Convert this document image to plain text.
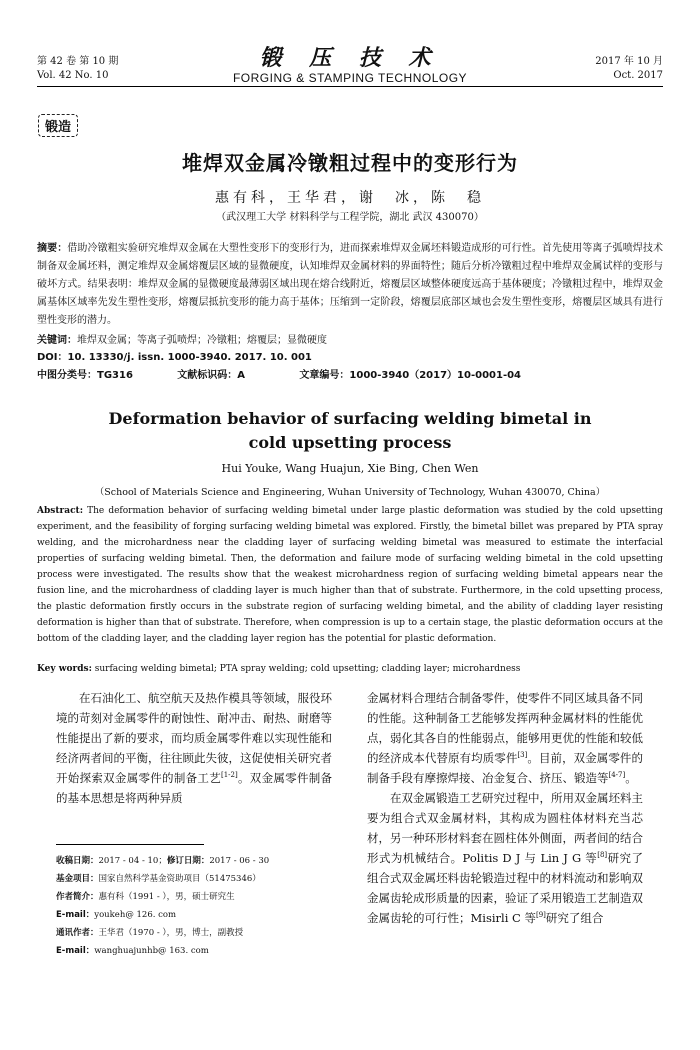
第 42 卷 第 10 期
Vol. 42 No. 10
锻 压 技 术
FORGING & STAMPING TECHNOLOGY
2017 年 10 月
Oct. 2017
锻造
堆焊双金属冷镦粗过程中的变形行为
惠有科，王华君，谢　冰，陈　稳
（武汉理工大学 材料科学与工程学院，湖北 武汉 430070）
摘要：借助冷镦粗实验研究堆焊双金属在大塑性变形下的变形行为，进而探索堆焊双金属坯料锻造成形的可行性。首先使用等离子弧喷焊技术制备双金属坯料，测定堆焊双金属熔覆层区域的显微硬度，认知堆焊双金属材料的界面特性；随后分析冷镦粗过程中堆焊双金属试样的变形与破坏方式。结果表明：堆焊双金属的显微硬度最薄弱区域出现在熔合线附近，熔覆层区域整体硬度远高于基体硬度；冷镦粗过程中，堆焊双金属基体区域率先发生塑性变形，熔覆层抵抗变形的能力高于基体；压缩到一定阶段，熔覆层底部区域也会发生塑性变形，熔覆层区域具有进行塑性变形的潜力。
关键词：堆焊双金属；等离子弧喷焊；冷镦粗；熔覆层；显微硬度
DOI：10. 13330/j. issn. 1000-3940. 2017. 10. 001
中图分类号：TG316	文献标识码：A	文章编号：1000-3940（2017）10-0001-04
Deformation behavior of surfacing welding bimetal in
cold upsetting process
Hui Youke, Wang Huajun, Xie Bing, Chen Wen
（School of Materials Science and Engineering, Wuhan University of Technology, Wuhan 430070, China）
Abstract: The deformation behavior of surfacing welding bimetal under large plastic deformation was studied by the cold upsetting experiment, and the feasibility of forging surfacing welding bimetal was explored. Firstly, the bimetal billet was prepared by PTA spray welding, and the microhardness near the cladding layer of surfacing welding bimetal was measured to estimate the interfacial properties of surfacing welding bimetal. Then, the deformation and failure mode of surfacing welding bimetal in the cold upsetting process were investigated. The results show that the weakest microhardness region of surfacing welding bimetal appears near the fusion line, and the microhardness of cladding layer is much higher than that of substrate. Furthermore, in the cold upsetting process, the plastic deformation firstly occurs in the substrate region of surfacing welding bimetal, and the ability of cladding layer resisting deformation is higher than that of substrate. Therefore, when compression is up to a certain stage, the plastic deformation occurs at the bottom of the cladding layer, and the cladding layer region has the potential for plastic deformation.
Key words: surfacing welding bimetal; PTA spray welding; cold upsetting; cladding layer; microhardness

在石油化工、航空航天及热作模具等领域，服役环境的苛刻对金属零件的耐蚀性、耐冲击、耐热、耐磨等性能提出了新的要求，而均质金属零件难以实现性能和经济两者间的平衡，往往顾此失彼，这促使相关研究者开始探索双金属零件的制备工艺[1-2]。双金属零件制备的基本思想是将两种异质

金属材料合理结合制备零件，使零件不同区域具备不同的性能。这种制备工艺能够发挥两种金属材料的性能优点，弱化其各自的性能弱点，能够用更优的性能和较低的经济成本代替原有均质零件[3]。目前，双金属零件的制备手段有摩擦焊接、冶金复合、挤压、锻造等[4-7]。

在双金属锻造工艺研究过程中，所用双金属坯料主要为组合式双金属材料，其构成为圆柱体材料充当芯材，另一种环形材料套在圆柱体外侧面，两者间的结合形式为机械结合。Politis D J 与 Lin J G 等[8]研究了组合式双金属坯料齿轮锻造过程中的材料流动和影响双金属齿轮成形质量的因素，验证了采用锻造工艺制造双金属齿轮的可行性；Misirli C 等[9]研究了组合

收稿日期：2017 - 04 - 10；修订日期：2017 - 06 - 30
基金项目：国家自然科学基金资助项目（51475346）
作者简介：惠有科（1991 - ），男，硕士研究生
E-mail：youkeh@ 126. com
通讯作者：王华君（1970 - ），男，博士，副教授
E-mail：wanghuajunhb@ 163. com
